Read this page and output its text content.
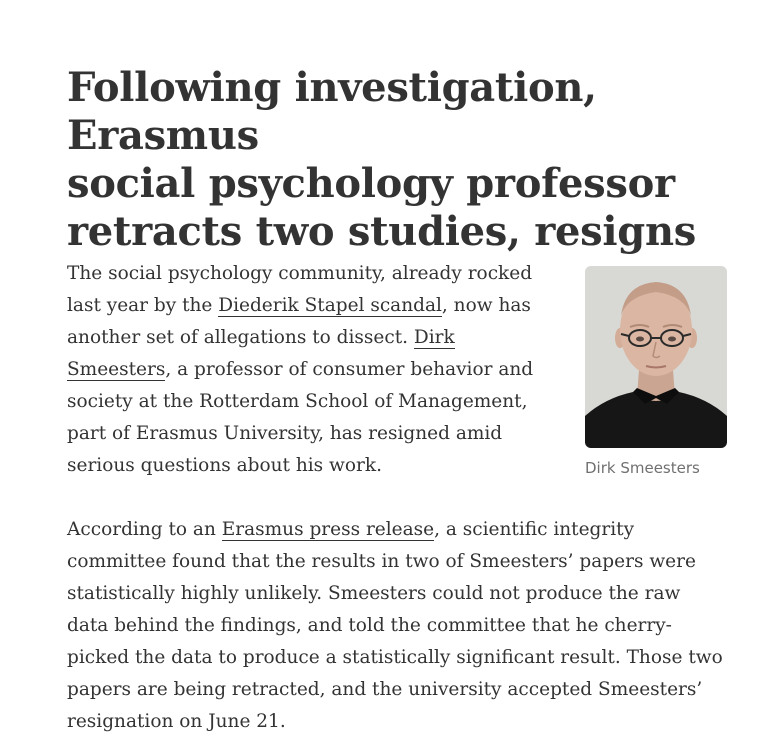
Following investigation, Erasmus
social psychology professor
retracts two studies, resigns

The social psychology community, already rocked last year by the Diederik Stapel scandal, now has another set of allegations to dissect. Dirk Smeesters, a professor of consumer behavior and society at the Rotterdam School of Management, part of Erasmus University, has resigned amid serious questions about his work.	Dirk Smeesters

According to an Erasmus press release, a scientific integrity committee found that the results in two of Smeesters’ papers were statistically highly unlikely. Smeesters could not produce the raw data behind the findings, and told the committee that he cherry-picked the data to produce a statistically significant result. Those two papers are being retracted, and the university accepted Smeesters’ resignation on June 21.
